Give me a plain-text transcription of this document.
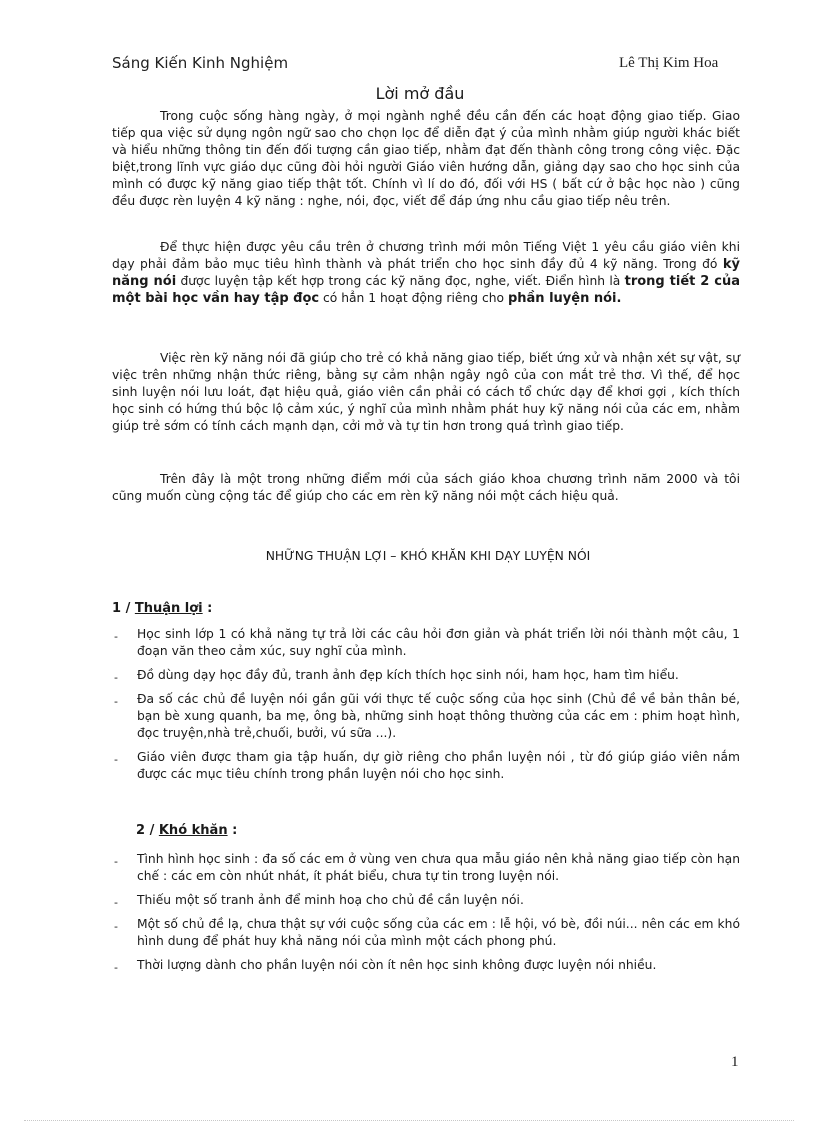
Sáng Kiến Kinh Nghiệm	Lê Thị Kim Hoa
Lời mở đầu

Trong cuộc sống hàng ngày, ở mọi ngành nghề đều cần đến các hoạt động giao tiếp. Giao tiếp qua việc sử dụng ngôn ngữ sao cho chọn lọc để diễn đạt ý của mình nhằm giúp người khác biết và hiểu những thông tin đến đối tượng cần giao tiếp, nhằm đạt đến thành công trong công việc. Đặc biệt,trong lĩnh vực giáo dục cũng đòi hỏi người Giáo viên hướng dẫn, giảng dạy sao cho học sinh của mình có được kỹ năng giao tiếp thật tốt. Chính vì lí do đó, đối với HS ( bất cứ ở bậc học nào ) cũng đều được rèn luyện 4 kỹ năng : nghe, nói, đọc, viết để đáp ứng nhu cầu giao tiếp nêu trên.

Để thực hiện được yêu cầu trên ở chương trình mới môn Tiếng Việt 1 yêu cầu giáo viên khi dạy phải đảm bảo mục tiêu hình thành và phát triển cho học sinh đầy đủ 4 kỹ năng. Trong đó kỹ năng nói được luyện tập kết hợp trong các kỹ năng đọc, nghe, viết. Điển hình là trong tiết 2 của một bài học vần hay tập đọc có hẳn 1 hoạt động riêng cho phần luyện nói.

Việc rèn kỹ năng nói đã giúp cho trẻ có khả năng giao tiếp, biết ứng xử và nhận xét sự vật, sự việc trên những nhận thức riêng, bằng sự cảm nhận ngây ngô của con mắt trẻ thơ. Vì thế, để học sinh luyện nói lưu loát, đạt hiệu quả, giáo viên cần phải có cách tổ chức dạy để khơi gợi , kích thích học sinh có hứng thú bộc lộ cảm xúc, ý nghĩ của mình nhằm phát huy kỹ năng nói của các em, nhằm giúp trẻ sớm có tính cách mạnh dạn, cởi mở và tự tin hơn trong quá trình giao tiếp.

Trên đây là một trong những điểm mới của sách giáo khoa chương trình năm 2000 và tôi cũng muốn cùng cộng tác để giúp cho các em rèn kỹ năng nói một cách hiệu quả.

NHỮNG THUẬN LỢI – KHÓ KHĂN KHI DẠY LUYỆN NÓI
1 / Thuận lợi :
- Học sinh lớp 1 có khả năng tự trả lời các câu hỏi đơn giản và phát triển lời nói thành một câu, 1 đoạn văn theo cảm xúc, suy nghĩ của mình.
- Đồ dùng dạy học đầy đủ, tranh ảnh đẹp kích thích học sinh nói, ham học, ham tìm hiểu.
- Đa số các chủ đề luyện nói gần gũi với thực tế cuộc sống của học sinh (Chủ đề về bản thân bé, bạn bè xung quanh, ba mẹ, ông bà, những sinh hoạt thông thường của các em : phim hoạt hình, đọc truyện,nhà trẻ,chuối, bưởi, vú sữa ...).
- Giáo viên được tham gia tập huấn, dự giờ riêng cho phần luyện nói , từ đó giúp giáo viên nắm được các mục tiêu chính trong phần luyện nói cho học sinh.
2 / Khó khăn :
- Tình hình học sinh : đa số các em ở vùng ven chưa qua mẫu giáo nên khả năng giao tiếp còn hạn chế : các em còn nhút nhát, ít phát biểu, chưa tự tin trong luyện nói.
- Thiếu một số tranh ảnh để minh hoạ cho chủ đề cần luyện nói.
- Một số chủ đề lạ, chưa thật sự với cuộc sống của các em : lễ hội, vó bè, đồi núi... nên các em khó hình dung để phát huy khả năng nói của mình một cách phong phú.
- Thời lượng dành cho phần luyện nói còn ít nên học sinh không được luyện nói nhiều.
1
